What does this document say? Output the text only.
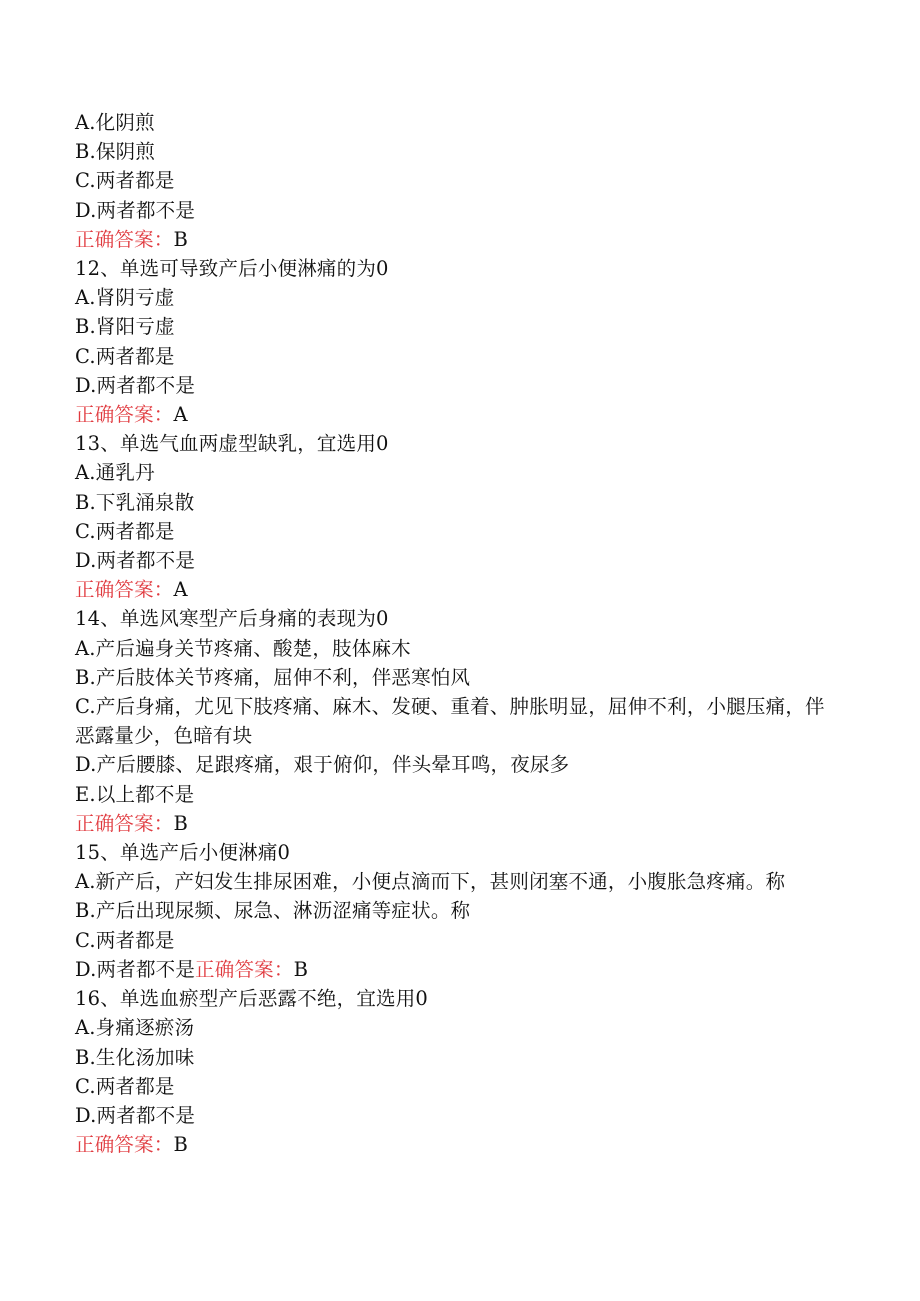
A.化阴煎
B.保阴煎
C.两者都是
D.两者都不是
正确答案：B
12、单选可导致产后小便淋痛的为0
A.肾阴亏虚
B.肾阳亏虚
C.两者都是
D.两者都不是
正确答案：A
13、单选气血两虚型缺乳，宜选用0
A.通乳丹
B.下乳涌泉散
C.两者都是
D.两者都不是
正确答案：A
14、单选风寒型产后身痛的表现为0
A.产后遍身关节疼痛、酸楚，肢体麻木
B.产后肢体关节疼痛，屈伸不利，伴恶寒怕风
C.产后身痛，尤见下肢疼痛、麻木、发硬、重着、肿胀明显，屈伸不利，小腿压痛，伴恶露量少，色暗有块
D.产后腰膝、足跟疼痛，艰于俯仰，伴头晕耳鸣，夜尿多
E.以上都不是
正确答案：B
15、单选产后小便淋痛0
A.新产后，产妇发生排尿困难，小便点滴而下，甚则闭塞不通，小腹胀急疼痛。称
B.产后出现尿频、尿急、淋沥涩痛等症状。称
C.两者都是
D.两者都不是正确答案：B
16、单选血瘀型产后恶露不绝，宜选用0
A.身痛逐瘀汤
B.生化汤加味
C.两者都是
D.两者都不是
正确答案：B
